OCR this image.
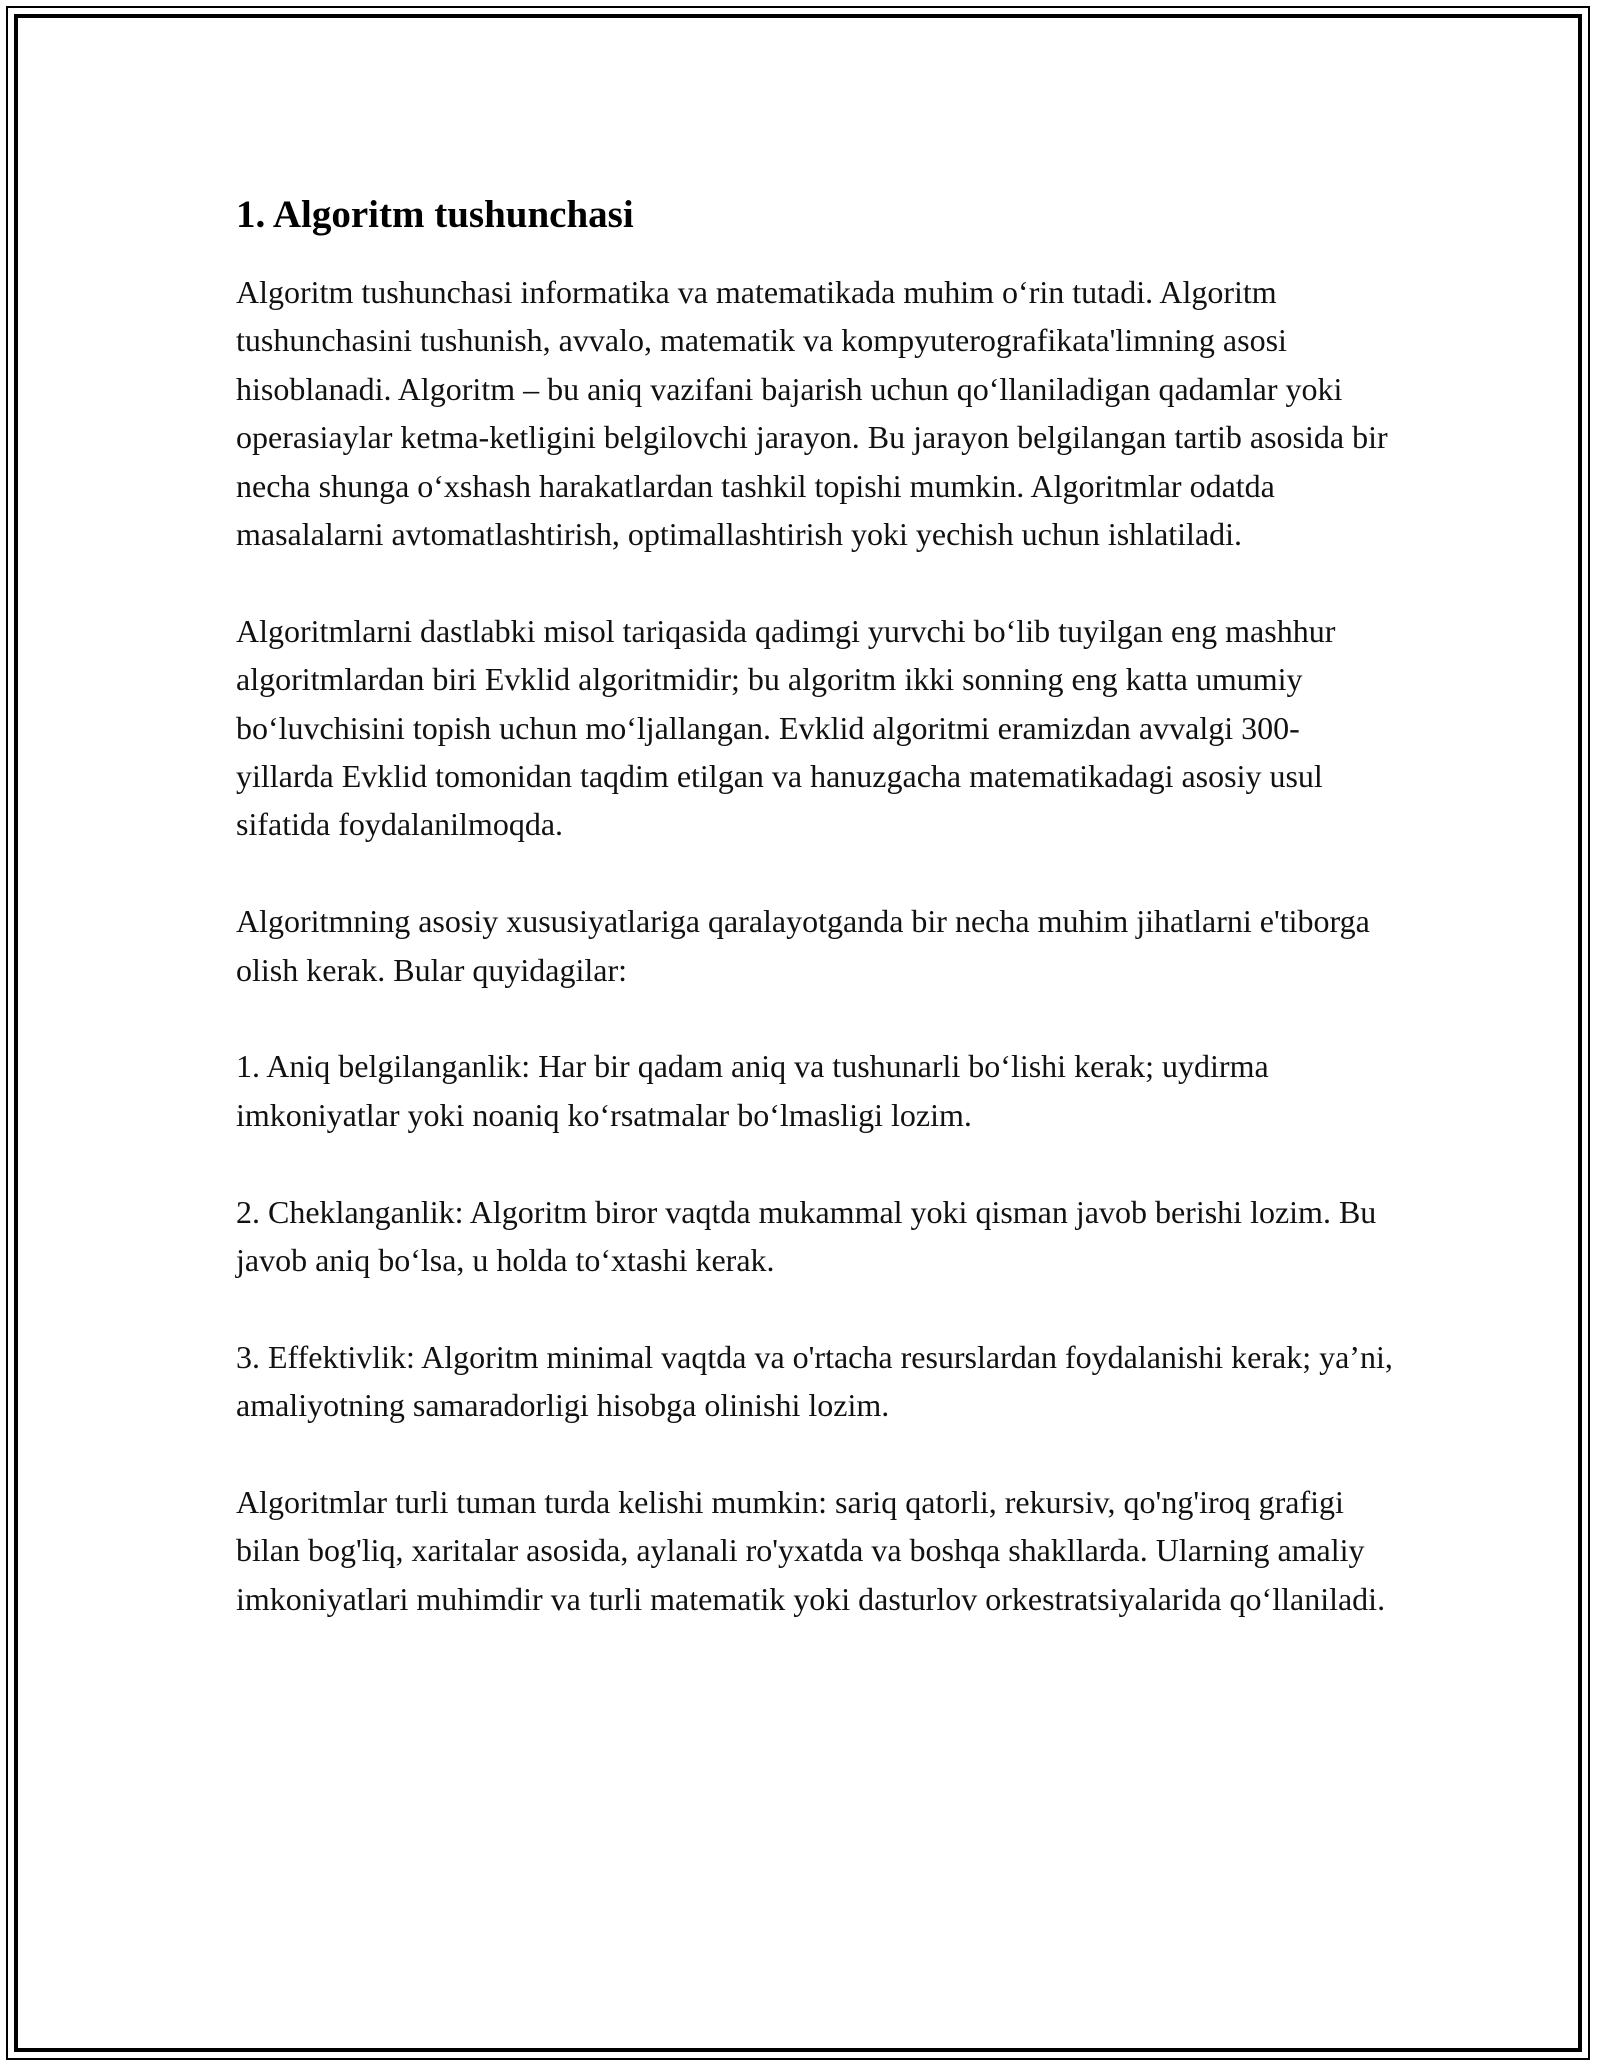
1. Algoritm tushunchasi

Algoritm tushunchasi informatika va matematikada muhim o‘rin tutadi. Algoritm tushunchasini tushunish, avvalo, matematik va kompyuterografikata'limning asosi hisoblanadi. Algoritm – bu aniq vazifani bajarish uchun qo‘llaniladigan qadamlar yoki operasiaylar ketma-ketligini belgilovchi jarayon. Bu jarayon belgilangan tartib asosida bir necha shunga o‘xshash harakatlardan tashkil topishi mumkin. Algoritmlar odatda masalalarni avtomatlashtirish, optimallashtirish yoki yechish uchun ishlatiladi.

Algoritmlarni dastlabki misol tariqasida qadimgi yurvchi bo‘lib tuyilgan eng mashhur algoritmlardan biri Evklid algoritmidir; bu algoritm ikki sonning eng katta umumiy bo‘luvchisini topish uchun mo‘ljallangan. Evklid algoritmi eramizdan avvalgi 300-yillarda Evklid tomonidan taqdim etilgan va hanuzgacha matematikadagi asosiy usul sifatida foydalanilmoqda.

Algoritmning asosiy xususiyatlariga qaralayotganda bir necha muhim jihatlarni e'tiborga olish kerak. Bular quyidagilar:

1. Aniq belgilanganlik: Har bir qadam aniq va tushunarli bo‘lishi kerak; uydirma imkoniyatlar yoki noaniq ko‘rsatmalar bo‘lmasligi lozim.

2. Cheklanganlik: Algoritm biror vaqtda mukammal yoki qisman javob berishi lozim. Bu javob aniq bo‘lsa, u holda to‘xtashi kerak.

3. Effektivlik: Algoritm minimal vaqtda va o'rtacha resurslardan foydalanishi kerak; ya’ni, amaliyotning samaradorligi hisobga olinishi lozim.

Algoritmlar turli tuman turda kelishi mumkin: sariq qatorli, rekursiv, qo'ng'iroq grafigi bilan bog'liq, xaritalar asosida, aylanali ro'yxatda va boshqa shakllarda. Ularning amaliy imkoniyatlari muhimdir va turli matematik yoki dasturlov orkestratsiyalarida qo‘llaniladi.
